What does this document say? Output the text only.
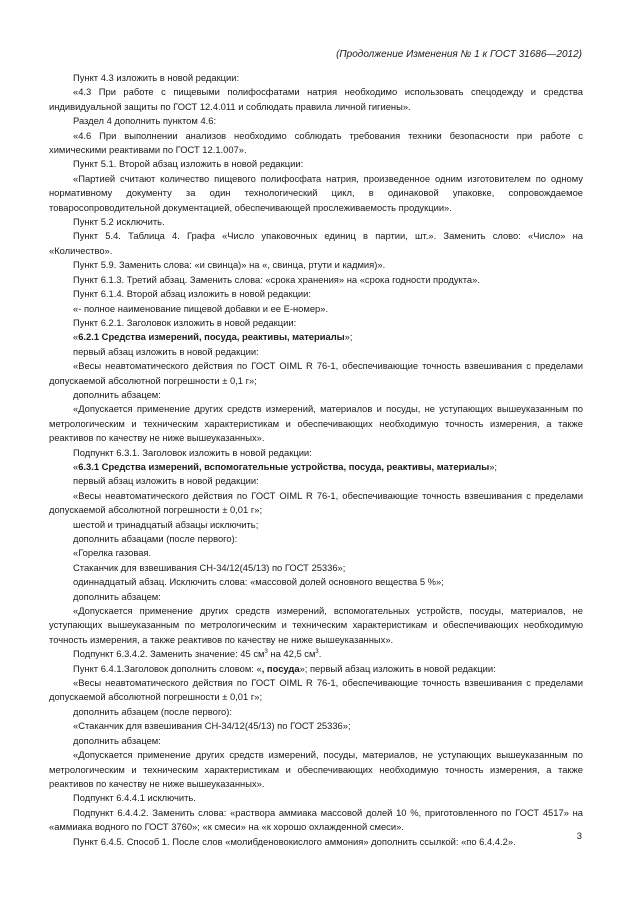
(Продолжение Изменения № 1 к ГОСТ 31686—2012)

Пункт 4.3 изложить в новой редакции:

«4.3 При работе с пищевыми полифосфатами натрия необходимо использовать спецодежду и средства индивидуальной защиты по ГОСТ 12.4.011 и соблюдать правила личной гигиены».

Раздел 4 дополнить пунктом 4.6:

«4.6 При выполнении анализов необходимо соблюдать требования техники безопасности при работе с химическими реактивами по ГОСТ 12.1.007».

Пункт 5.1. Второй абзац изложить в новой редакции:

«Партией считают количество пищевого полифосфата натрия, произведенное одним изготовителем по одному нормативному документу за один технологический цикл, в одинаковой упаковке, сопровождаемое товаросопроводительной документацией, обеспечивающей прослеживаемость продукции».

Пункт 5.2 исключить.

Пункт 5.4. Таблица 4. Графа «Число упаковочных единиц в партии, шт.». Заменить слово: «Число» на «Количество».

Пункт 5.9. Заменить слова: «и свинца)» на «, свинца, ртути и кадмия)».

Пункт 6.1.3. Третий абзац. Заменить слова: «срока хранения» на «срока годности продукта».

Пункт 6.1.4. Второй абзац изложить в новой редакции:

«- полное наименование пищевой добавки и ее Е-номер».

Пункт 6.2.1. Заголовок изложить в новой редакции:

«6.2.1 Средства измерений, посуда, реактивы, материалы»;

первый абзац изложить в новой редакции:

«Весы неавтоматического действия по ГОСТ OIML R 76-1, обеспечивающие точность взвешивания с пределами допускаемой абсолютной погрешности ± 0,1 г»;

дополнить абзацем:

«Допускается применение других средств измерений, материалов и посуды, не уступающих вышеуказанным по метрологическим и техническим характеристикам и обеспечивающих необходимую точность измерения, а также реактивов по качеству не ниже вышеуказанных».

Подпункт 6.3.1. Заголовок изложить в новой редакции:

«6.3.1 Средства измерений, вспомогательные устройства, посуда, реактивы, материалы»;

первый абзац изложить в новой редакции:

«Весы неавтоматического действия по ГОСТ OIML R 76-1, обеспечивающие точность взвешивания с пределами допускаемой абсолютной погрешности ± 0,01 г»;

шестой и тринадцатый абзацы исключить;

дополнить абзацами (после первого):

«Горелка газовая.

Стаканчик для взвешивания СН-34/12(45/13) по ГОСТ 25336»;

одиннадцатый абзац. Исключить слова: «массовой долей основного вещества 5 %»;

дополнить абзацем:

«Допускается применение других средств измерений, вспомогательных устройств, посуды, материалов, не уступающих вышеуказанным по метрологическим и техническим характеристикам и обеспечивающих необходимую точность измерения, а также реактивов по качеству не ниже вышеуказанных».

Подпункт 6.3.4.2. Заменить значение: 45 $см^3$ на 42,5 $см^3$.

Пункт 6.4.1.Заголовок дополнить словом: «, посуда»; первый абзац изложить в новой редакции:

«Весы неавтоматического действия по ГОСТ OIML R 76-1, обеспечивающие точность взвешивания с пределами допускаемой абсолютной погрешности ± 0,01 г»;

дополнить абзацем (после первого):

«Стаканчик для взвешивания СН-34/12(45/13) по ГОСТ 25336»;

дополнить абзацем:

«Допускается применение других средств измерений, посуды, материалов, не уступающих вышеуказанным по метрологическим и техническим характеристикам и обеспечивающих необходимую точность измерения, а также реактивов по качеству не ниже вышеуказанных».

Подпункт 6.4.4.1 исключить.

Подпункт 6.4.4.2. Заменить слова: «раствора аммиака массовой долей 10 %, приготовленного по ГОСТ 4517» на «аммиака водного по ГОСТ 3760»; «к смеси» на «к хорошо охлажденной смеси».

Пункт 6.4.5. Способ 1. После слов «молибденовокислого аммония» дополнить ссылкой: «по 6.4.4.2».

3
